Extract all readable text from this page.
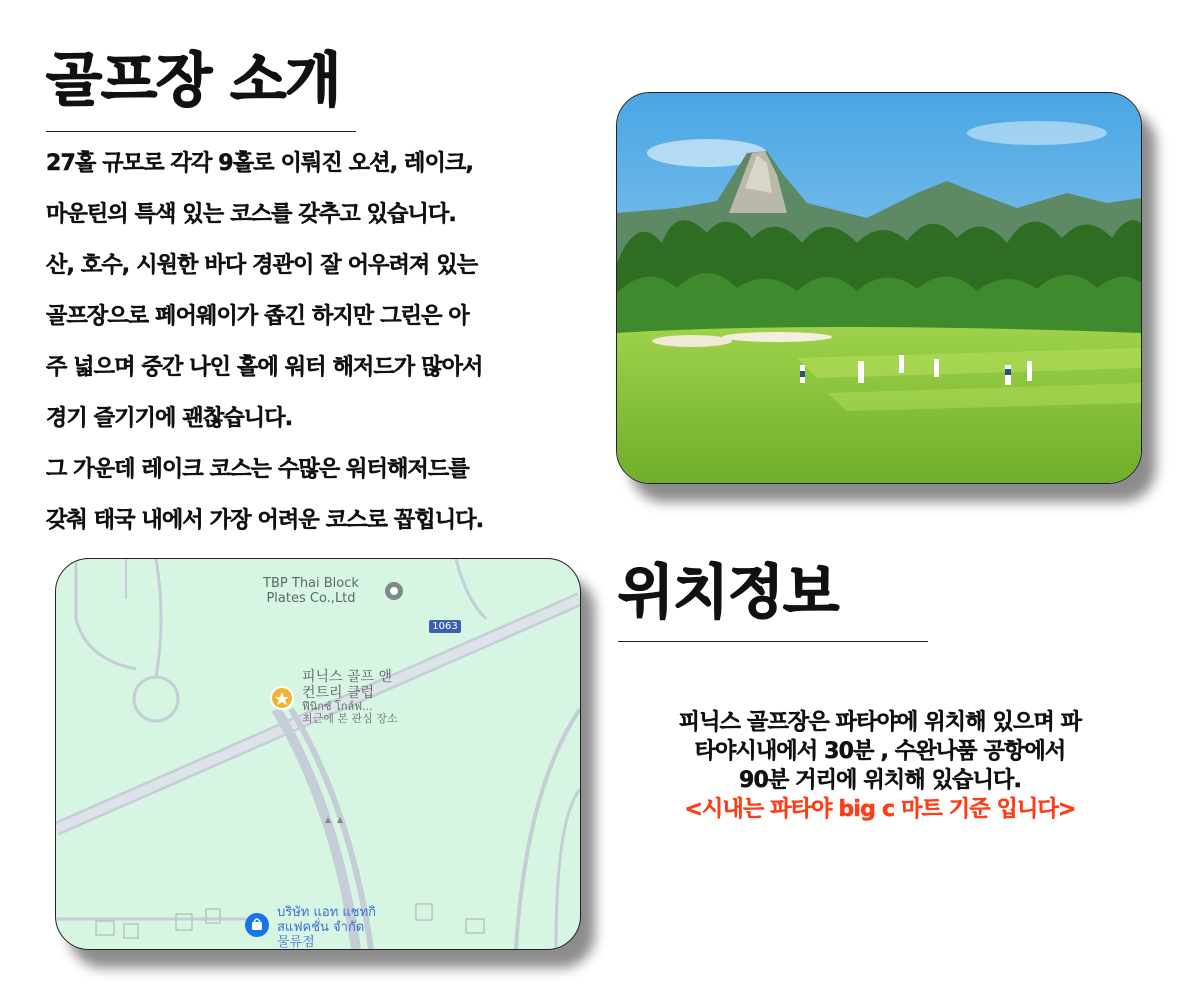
골프장 소개
27홀 규모로 각각 9홀로 이뤄진 오션, 레이크,
마운틴의 특색 있는 코스를 갖추고 있습니다.
산, 호수, 시원한 바다 경관이 잘 어우려져 있는
골프장으로 페어웨이가 좁긴 하지만 그린은 아
주 넓으며 중간 나인 홀에 워터 해저드가 많아서
경기 즐기기에 괜찮습니다.
그 가운데 레이크 코스는 수많은 워터해저드를
갖춰 태국 내에서 가장 어려운 코스로 꼽힙니다.
TBP Thai Block
Plates Co.,Ltd
1063
피닉스 골프 앤
컨트리 클럽
ฟีนิกซ์ โกล์ฟ...
최근에 본 관심 장소
บริษัท แอท แชทกิ
สแฟคชั่น จำกัด
물류점
위치정보
피닉스 골프장은 파타야에 위치해 있으며 파
타야시내에서 30분 , 수완나품 공항에서
90분 거리에 위치해 있습니다.
<시내는 파타야 big c 마트 기준 입니다>
